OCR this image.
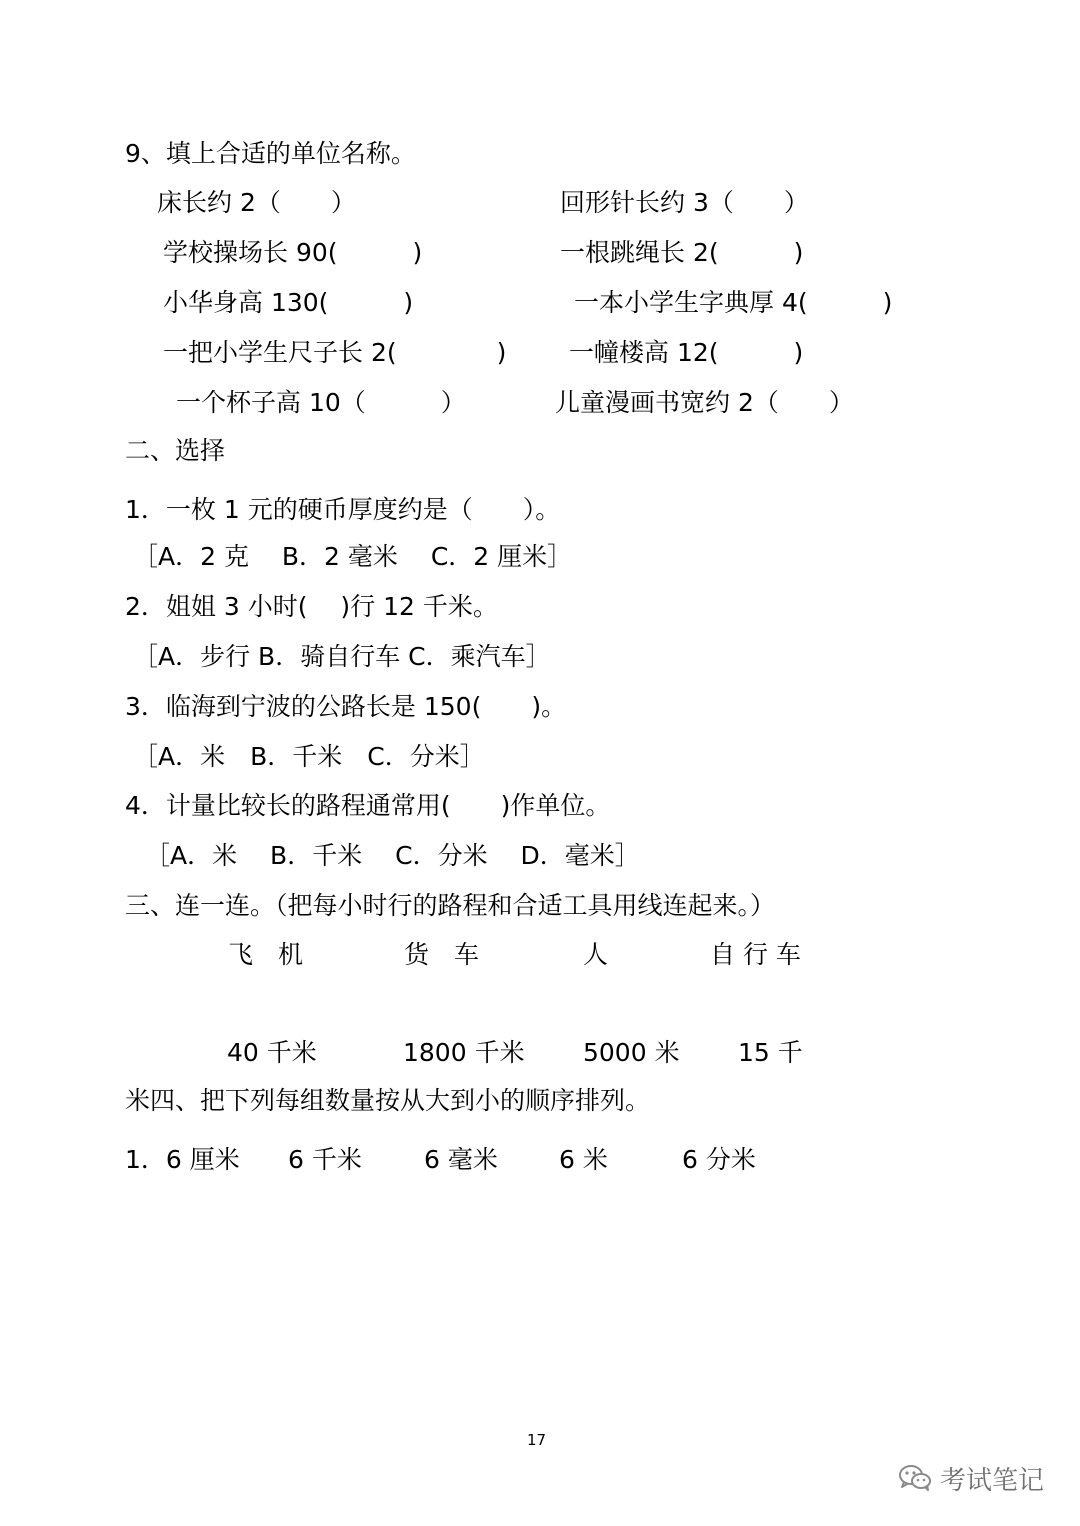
9、填上合适的单位名称。
床长约 2（　　）	回形针长约 3（　　）
学校操场长 90(　　　)	一根跳绳长 2(　　　)
小华身高 130(　　　)	一本小学生字典厚 4(　　　)
一把小学生尺子长 2(　　　　)	一幢楼高 12(　　　)
一个杯子高 10（　　　）	儿童漫画书宽约 2（　　）
二、选择
1．一枚 1 元的硬币厚度约是（　　）。
［A．2 克　 B．2 毫米　 C．2 厘米］
2．姐姐 3 小时(　 )行 12 千米。
［A．步行 B．骑自行车 C．乘汽车］
3．临海到宁波的公路长是 150(　　)。
［A．米　B．千米　C．分米］
4．计量比较长的路程通常用(　　)作单位。
［A．米　 B．千米　 C．分米　 D．毫米］
三、连一连。（把每小时行的路程和合适工具用线连起来。）
飞　机	货　车	人	自 行 车
40 千米	1800 千米 5000 米 15 千
米四、把下列每组数量按从大到小的顺序排列。
1．6 厘米 6 千米 6 毫米 6 米	6 分米
17
考试笔记
